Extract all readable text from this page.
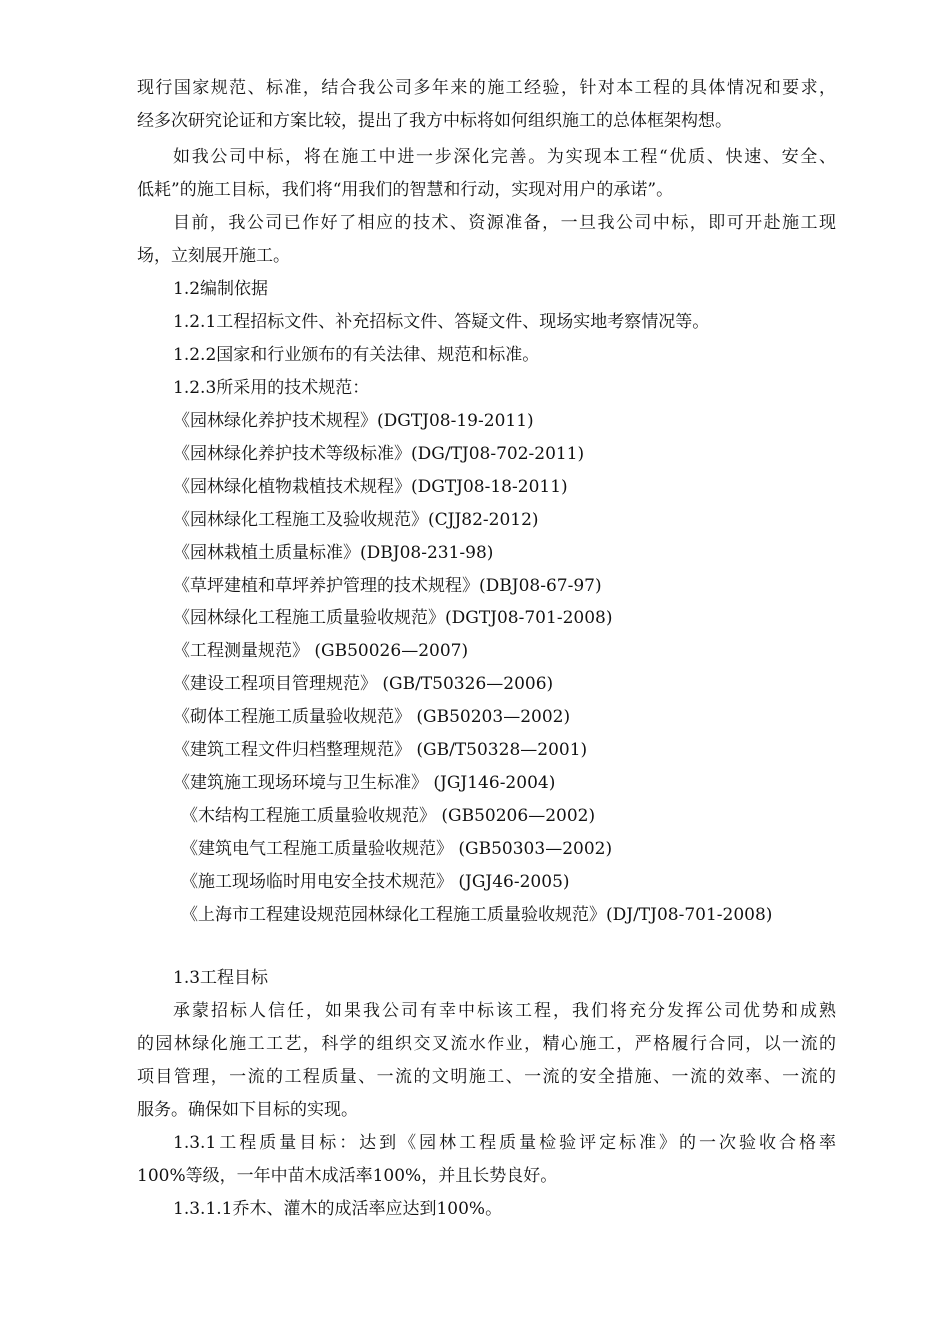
现行国家规范、标准，结合我公司多年来的施工经验，针对本工程的具体情况和要求，

经多次研究论证和方案比较，提出了我方中标将如何组织施工的总体框架构想。

如我公司中标，将在施工中进一步深化完善。为实现本工程“优质、快速、安全、

低耗”的施工目标，我们将“用我们的智慧和行动，实现对用户的承诺”。

目前，我公司已作好了相应的技术、资源准备，一旦我公司中标，即可开赴施工现

场，立刻展开施工。

1.2编制依据

1.2.1工程招标文件、补充招标文件、答疑文件、现场实地考察情况等。

1.2.2国家和行业颁布的有关法律、规范和标准。

1.2.3所采用的技术规范：

《园林绿化养护技术规程》(DGTJ08-19-2011)

《园林绿化养护技术等级标准》(DG/TJ08-702-2011)

《园林绿化植物栽植技术规程》(DGTJ08-18-2011)

《园林绿化工程施工及验收规范》(CJJ82-2012)

《园林栽植土质量标准》(DBJ08-231-98)

《草坪建植和草坪养护管理的技术规程》(DBJ08-67-97)

《园林绿化工程施工质量验收规范》(DGTJ08-701-2008)

《工程测量规范》 (GB50026—2007)

《建设工程项目管理规范》 (GB/T50326—2006)

《砌体工程施工质量验收规范》 (GB50203—2002)

《建筑工程文件归档整理规范》 (GB/T50328—2001)

《建筑施工现场环境与卫生标准》 (JGJ146-2004)

《木结构工程施工质量验收规范》 (GB50206—2002)

《建筑电气工程施工质量验收规范》 (GB50303—2002)

《施工现场临时用电安全技术规范》 (JGJ46-2005)

《上海市工程建设规范园林绿化工程施工质量验收规范》(DJ/TJ08-701-2008)

1.3工程目标

承蒙招标人信任，如果我公司有幸中标该工程，我们将充分发挥公司优势和成熟

的园林绿化施工工艺，科学的组织交叉流水作业，精心施工，严格履行合同，以一流的

项目管理，一流的工程质量、一流的文明施工、一流的安全措施、一流的效率、一流的

服务。确保如下目标的实现。

1.3.1工程质量目标：达到《园林工程质量检验评定标准》的一次验收合格率

100%等级，一年中苗木成活率100%，并且长势良好。

1.3.1.1乔木、灌木的成活率应达到100%。
